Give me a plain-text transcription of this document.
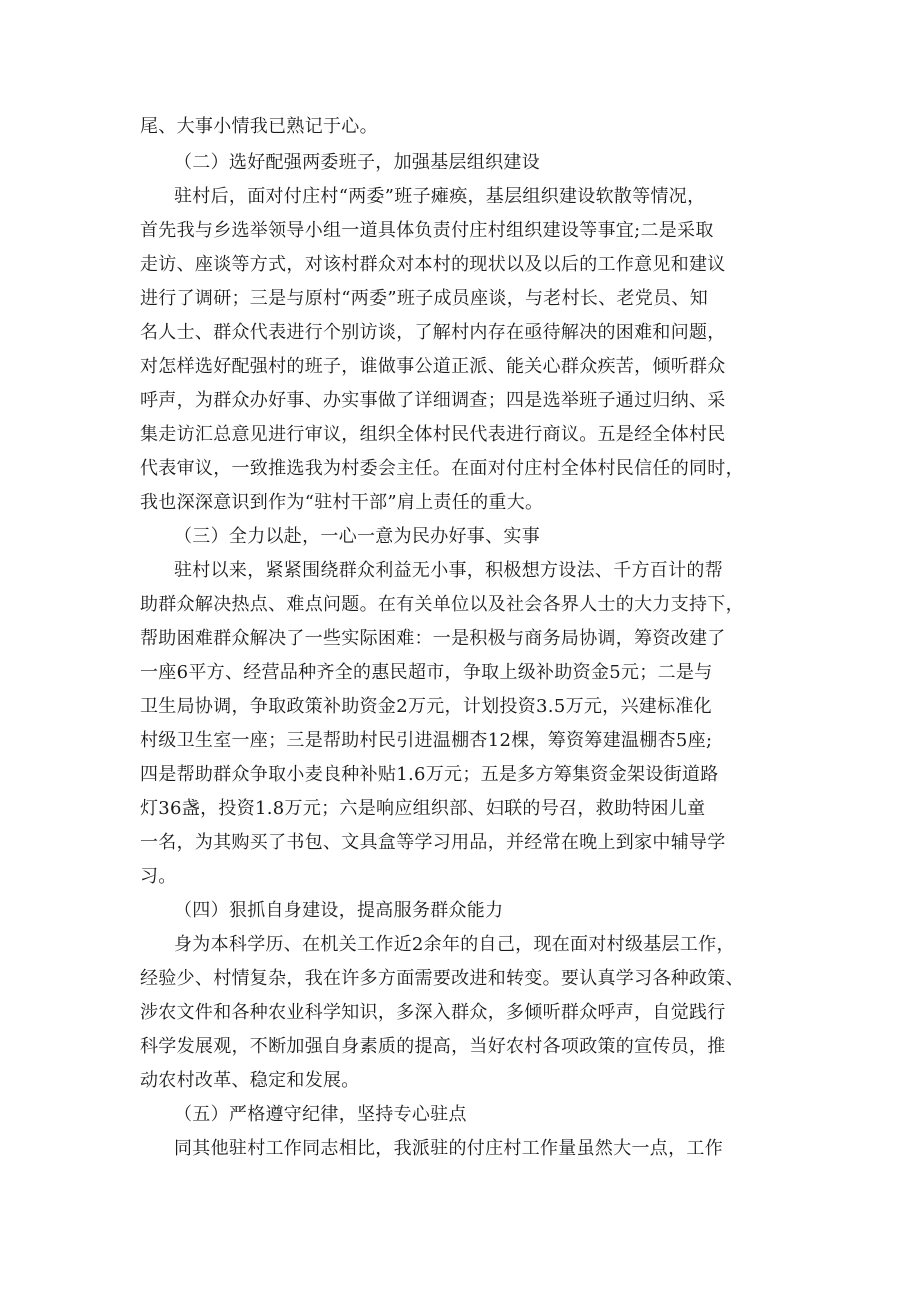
尾、大事小情我已熟记于心。
（二）选好配强两委班子，加强基层组织建设
驻村后，面对付庄村“两委”班子瘫痪，基层组织建设软散等情况，
首先我与乡选举领导小组一道具体负责付庄村组织建设等事宜;二是采取
走访、座谈等方式，对该村群众对本村的现状以及以后的工作意见和建议
进行了调研；三是与原村“两委”班子成员座谈，与老村长、老党员、知
名人士、群众代表进行个别访谈，了解村内存在亟待解决的困难和问题，
对怎样选好配强村的班子，谁做事公道正派、能关心群众疾苦，倾听群众
呼声，为群众办好事、办实事做了详细调查；四是选举班子通过归纳、采
集走访汇总意见进行审议，组织全体村民代表进行商议。五是经全体村民
代表审议，一致推选我为村委会主任。在面对付庄村全体村民信任的同时，
我也深深意识到作为“驻村干部”肩上责任的重大。
（三）全力以赴，一心一意为民办好事、实事
驻村以来，紧紧围绕群众利益无小事，积极想方设法、千方百计的帮
助群众解决热点、难点问题。在有关单位以及社会各界人士的大力支持下，
帮助困难群众解决了一些实际困难：一是积极与商务局协调，筹资改建了
一座6平方、经营品种齐全的惠民超市，争取上级补助资金5元；二是与
卫生局协调，争取政策补助资金2万元，计划投资3.5万元，兴建标准化
村级卫生室一座；三是帮助村民引进温棚杏12棵，筹资筹建温棚杏5座;
四是帮助群众争取小麦良种补贴1.6万元；五是多方筹集资金架设街道路
灯36盏，投资1.8万元；六是响应组织部、妇联的号召，救助特困儿童
一名，为其购买了书包、文具盒等学习用品，并经常在晚上到家中辅导学
习。
（四）狠抓自身建设，提高服务群众能力
身为本科学历、在机关工作近2余年的自己，现在面对村级基层工作，
经验少、村情复杂，我在许多方面需要改进和转变。要认真学习各种政策、
涉农文件和各种农业科学知识，多深入群众，多倾听群众呼声，自觉践行
科学发展观，不断加强自身素质的提高，当好农村各项政策的宣传员，推
动农村改革、稳定和发展。
（五）严格遵守纪律，坚持专心驻点
同其他驻村工作同志相比，我派驻的付庄村工作量虽然大一点，工作
